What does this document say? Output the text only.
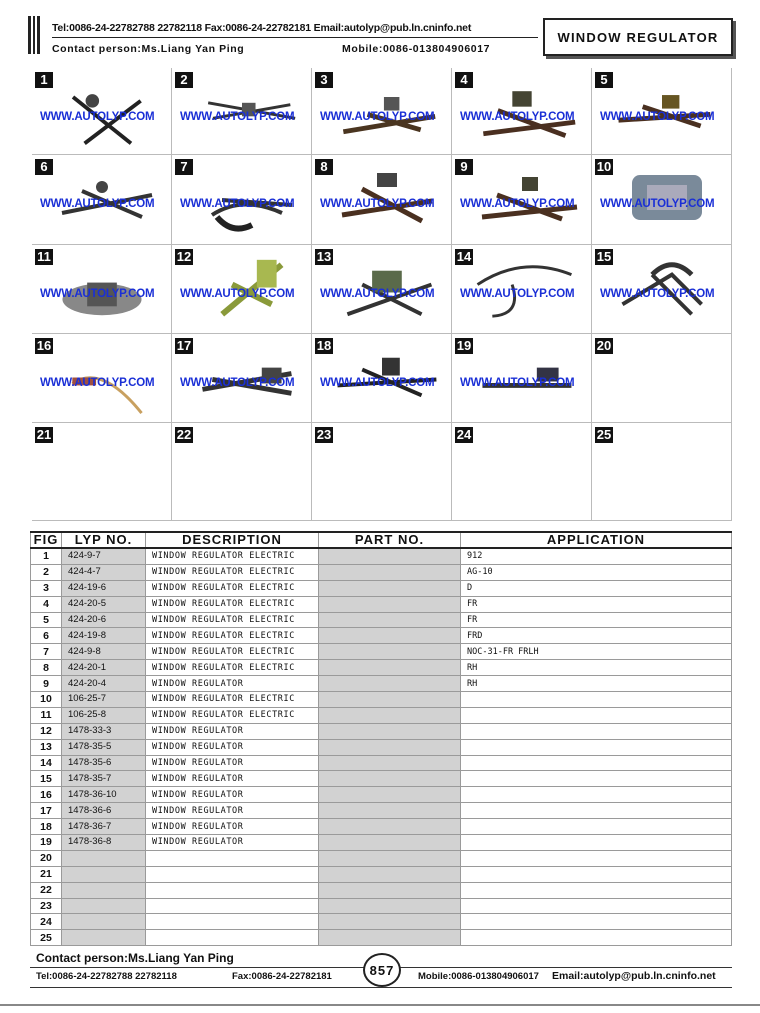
Tel:0086-24-22782788 22782118 Fax:0086-24-22782181 Email:autolyp@pub.ln.cninfo.net
Contact person:Ms.Liang Yan Ping	Mobile:0086-013804906017
WINDOW REGULATOR
1
WWW.AUTOLYP.COM
2
WWW.AUTOLYP.COM
3
WWW.AUTOLYP.COM
4
WWW.AUTOLYP.COM
5
WWW.AUTOLYP.COM
6
WWW.AUTOLYP.COM
7
WWW.AUTOLYP.COM
8
WWW.AUTOLYP.COM
9
WWW.AUTOLYP.COM
10
WWW.AUTOLYP.COM
11
WWW.AUTOLYP.COM
12
WWW.AUTOLYP.COM
13
WWW.AUTOLYP.COM
14
WWW.AUTOLYP.COM
15
WWW.AUTOLYP.COM
16
WWW.AUTOLYP.COM
17
WWW.AUTOLYP.COM
18
WWW.AUTOLYP.COM
19
WWW.AUTOLYP.COM
20
21	22	23	24	25
FIG	LYP NO.	DESCRIPTION	PART NO.	APPLICATION
1	424-9-7	WINDOW REGULATOR ELECTRIC		912
2	424-4-7	WINDOW REGULATOR ELECTRIC		AG-10
3	424-19-6	WINDOW REGULATOR ELECTRIC		D
4	424-20-5	WINDOW REGULATOR ELECTRIC		FR
5	424-20-6	WINDOW REGULATOR ELECTRIC		FR
6	424-19-8	WINDOW REGULATOR ELECTRIC		FRD
7	424-9-8	WINDOW REGULATOR ELECTRIC		NOC-31-FR FRLH
8	424-20-1	WINDOW REGULATOR ELECTRIC		RH
9	424-20-4	WINDOW REGULATOR		RH
10	106-25-7	WINDOW REGULATOR ELECTRIC		
11	106-25-8	WINDOW REGULATOR ELECTRIC		
12	1478-33-3	WINDOW REGULATOR		
13	1478-35-5	WINDOW REGULATOR		
14	1478-35-6	WINDOW REGULATOR		
15	1478-35-7	WINDOW REGULATOR		
16	1478-36-10	WINDOW REGULATOR		
17	1478-36-6	WINDOW REGULATOR		
18	1478-36-7	WINDOW REGULATOR		
19	1478-36-8	WINDOW REGULATOR		
20				
21				
22				
23				
24				
25				
Contact person:Ms.Liang Yan Ping
Tel:0086-24-22782788 22782118	Fax:0086-24-22782181	Mobile:0086-013804906017 Email:autolyp@pub.ln.cninfo.net
857
